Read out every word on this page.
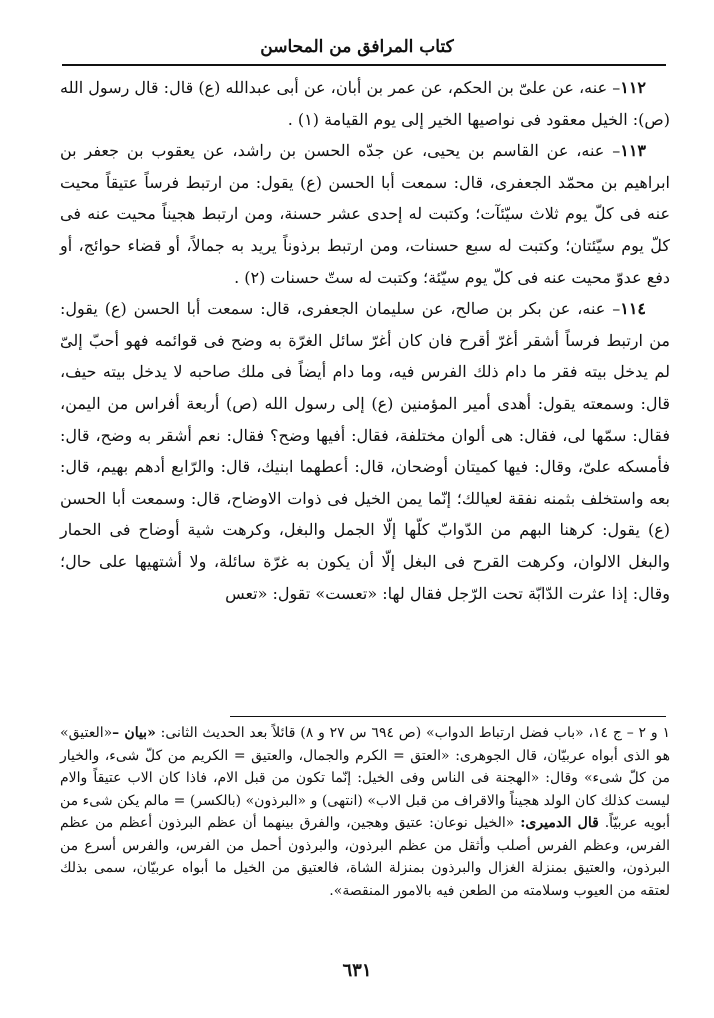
كتاب المرافق من المحاسن

١١٢– عنه، عن علىّ بن الحكم، عن عمر بن أبان، عن أبى عبدالله (ع) قال: قال رسول الله (ص): الخيل معقود فى نواصيها الخير إلى يوم القيامة (١) .

١١٣– عنه، عن القاسم بن يحيى، عن جدّه الحسن بن راشد، عن يعقوب بن جعفر بن ابراهيم بن محمّد الجعفرى، قال: سمعت أبا الحسن (ع) يقول: من ارتبط فرساً عتيقاً محيت عنه فى كلّ يوم ثلاث سيّئآت؛ وكتبت له إحدى عشر حسنة، ومن ارتبط هجيناً محيت عنه فى كلّ يوم سيّئتان؛ وكتبت له سبع حسنات، ومن ارتبط برذوناً يريد به جمالاً، أو قضاء حوائج، أو دفع عدوّ محيت عنه فى كلّ يوم سيّئة؛ وكتبت له ستّ حسنات (٢) .

١١٤– عنه، عن بكر بن صالح، عن سليمان الجعفرى، قال: سمعت أبا الحسن (ع) يقول: من ارتبط فرساً أشقر أغرّ أقرح فان كان أغرّ سائل الغرّة به وضح فى قوائمه فهو أحبّ إلىّ لم يدخل بيته فقر ما دام ذلك الفرس فيه، وما دام أيضاً فى ملك صاحبه لا يدخل بيته حيف، قال: وسمعته يقول: أهدى أمير المؤمنين (ع) إلى رسول الله (ص) أربعة أفراس من اليمن، فقال: سمّها لى، فقال: هى ألوان مختلفة، فقال: أفيها وضح؟ فقال: نعم أشقر به وضح، قال: فأمسكه علىّ، وقال: فيها كميتان أوضحان، قال: أعطهما ابنيك، قال: والرّابع أدهم بهيم، قال: بعه واستخلف بثمنه نفقة لعيالك؛ إنّما يمن الخيل فى ذوات الاوضاح، قال: وسمعت أبا الحسن (ع) يقول: كرهنا البهم من الدّوابّ كلّها إلّا الجمل والبغل، وكرهت شية أوضاح فى الحمار والبغل الالوان، وكرهت القرح فى البغل إلّا أن يكون به غرّة سائلة، ولا أشتهيها على حال؛ وقال: إذا عثرت الدّابّة تحت الرّجل فقال لها: «تعست» تقول: «تعس

١ و ٢ – ج ١٤، «باب فضل ارتباط الدواب» (ص ٦٩٤ س ٢٧ و ٨) قائلاً بعد الحديث الثانى: «بيان –«العتيق» هو الذى أبواه عربيّان، قال الجوهرى: «العتق = الكرم والجمال، والعتيق = الكريم من كلّ شىء، والخيار من كلّ شىء» وقال: «الهجنة فى الناس وفى الخيل: إنّما تكون من قبل الام، فاذا كان الاب عتيقاً والام ليست كذلك كان الولد هجيناً والاقراف من قبل الاب» (انتهى) و «البرذون» (بالكسر) = مالم يكن شىء من أبويه عربيّاً. قال الدميرى: «الخيل نوعان: عتيق وهجين، والفرق بينهما أن عظم البرذون أعظم من عظم الفرس، وعظم الفرس أصلب وأثقل من عظم البرذون، والبرذون أحمل من الفرس، والفرس أسرع من البرذون، والعتيق بمنزلة الغزال والبرذون بمنزلة الشاة، فالعتيق من الخيل ما أبواه عربيّان، سمى بذلك لعتقه من العيوب وسلامته من الطعن فيه بالامور المنقصة».

٦٣١
